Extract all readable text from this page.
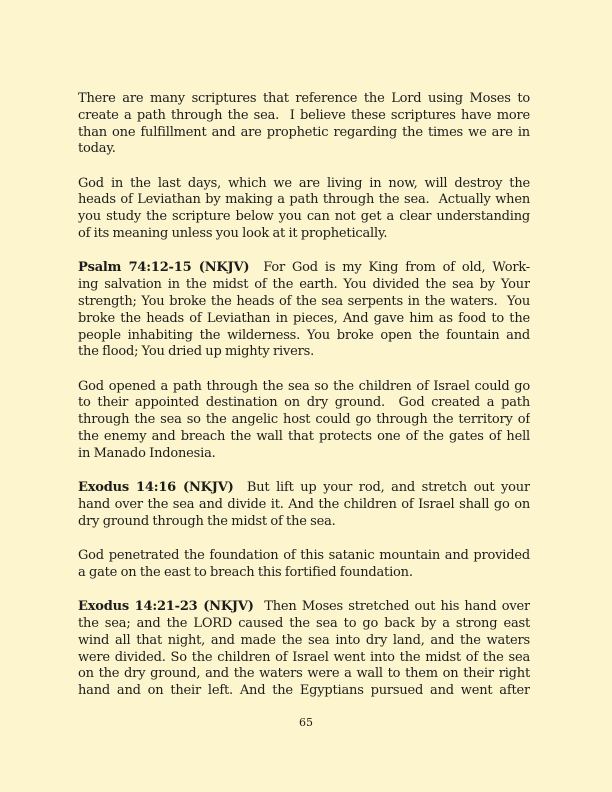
There are many scriptures that reference the Lord using Moses to
create a path through the sea.  I believe these scriptures have more
than one fulfillment and are prophetic regarding the times we are in
today.
God in the last days, which we are living in now, will destroy the
heads of Leviathan by making a path through the sea.  Actually when
you study the scripture below you can not get a clear understanding
of its meaning unless you look at it prophetically.
Psalm 74:12-15 (NKJV)  For God is my King from of old, Work-
ing salvation in the midst of the earth. You divided the sea by Your
strength; You broke the heads of the sea serpents in the waters.  You
broke the heads of Leviathan in pieces, And gave him as food to the
people inhabiting the wilderness. You broke open the fountain and
the flood; You dried up mighty rivers.
God opened a path through the sea so the children of Israel could go
to their appointed destination on dry ground.  God created a path
through the sea so the angelic host could go through the territory of
the enemy and breach the wall that protects one of the gates of hell
in Manado Indonesia.
Exodus 14:16 (NKJV)  But lift up your rod, and stretch out your
hand over the sea and divide it. And the children of Israel shall go on
dry ground through the midst of the sea.
God penetrated the foundation of this satanic mountain and provided
a gate on the east to breach this fortified foundation.
Exodus 14:21-23 (NKJV)  Then Moses stretched out his hand over
the sea; and the LORD caused the sea to go back by a strong east
wind all that night, and made the sea into dry land, and the waters
were divided. So the children of Israel went into the midst of the sea
on the dry ground, and the waters were a wall to them on their right
hand and on their left. And the Egyptians pursued and went after
65
